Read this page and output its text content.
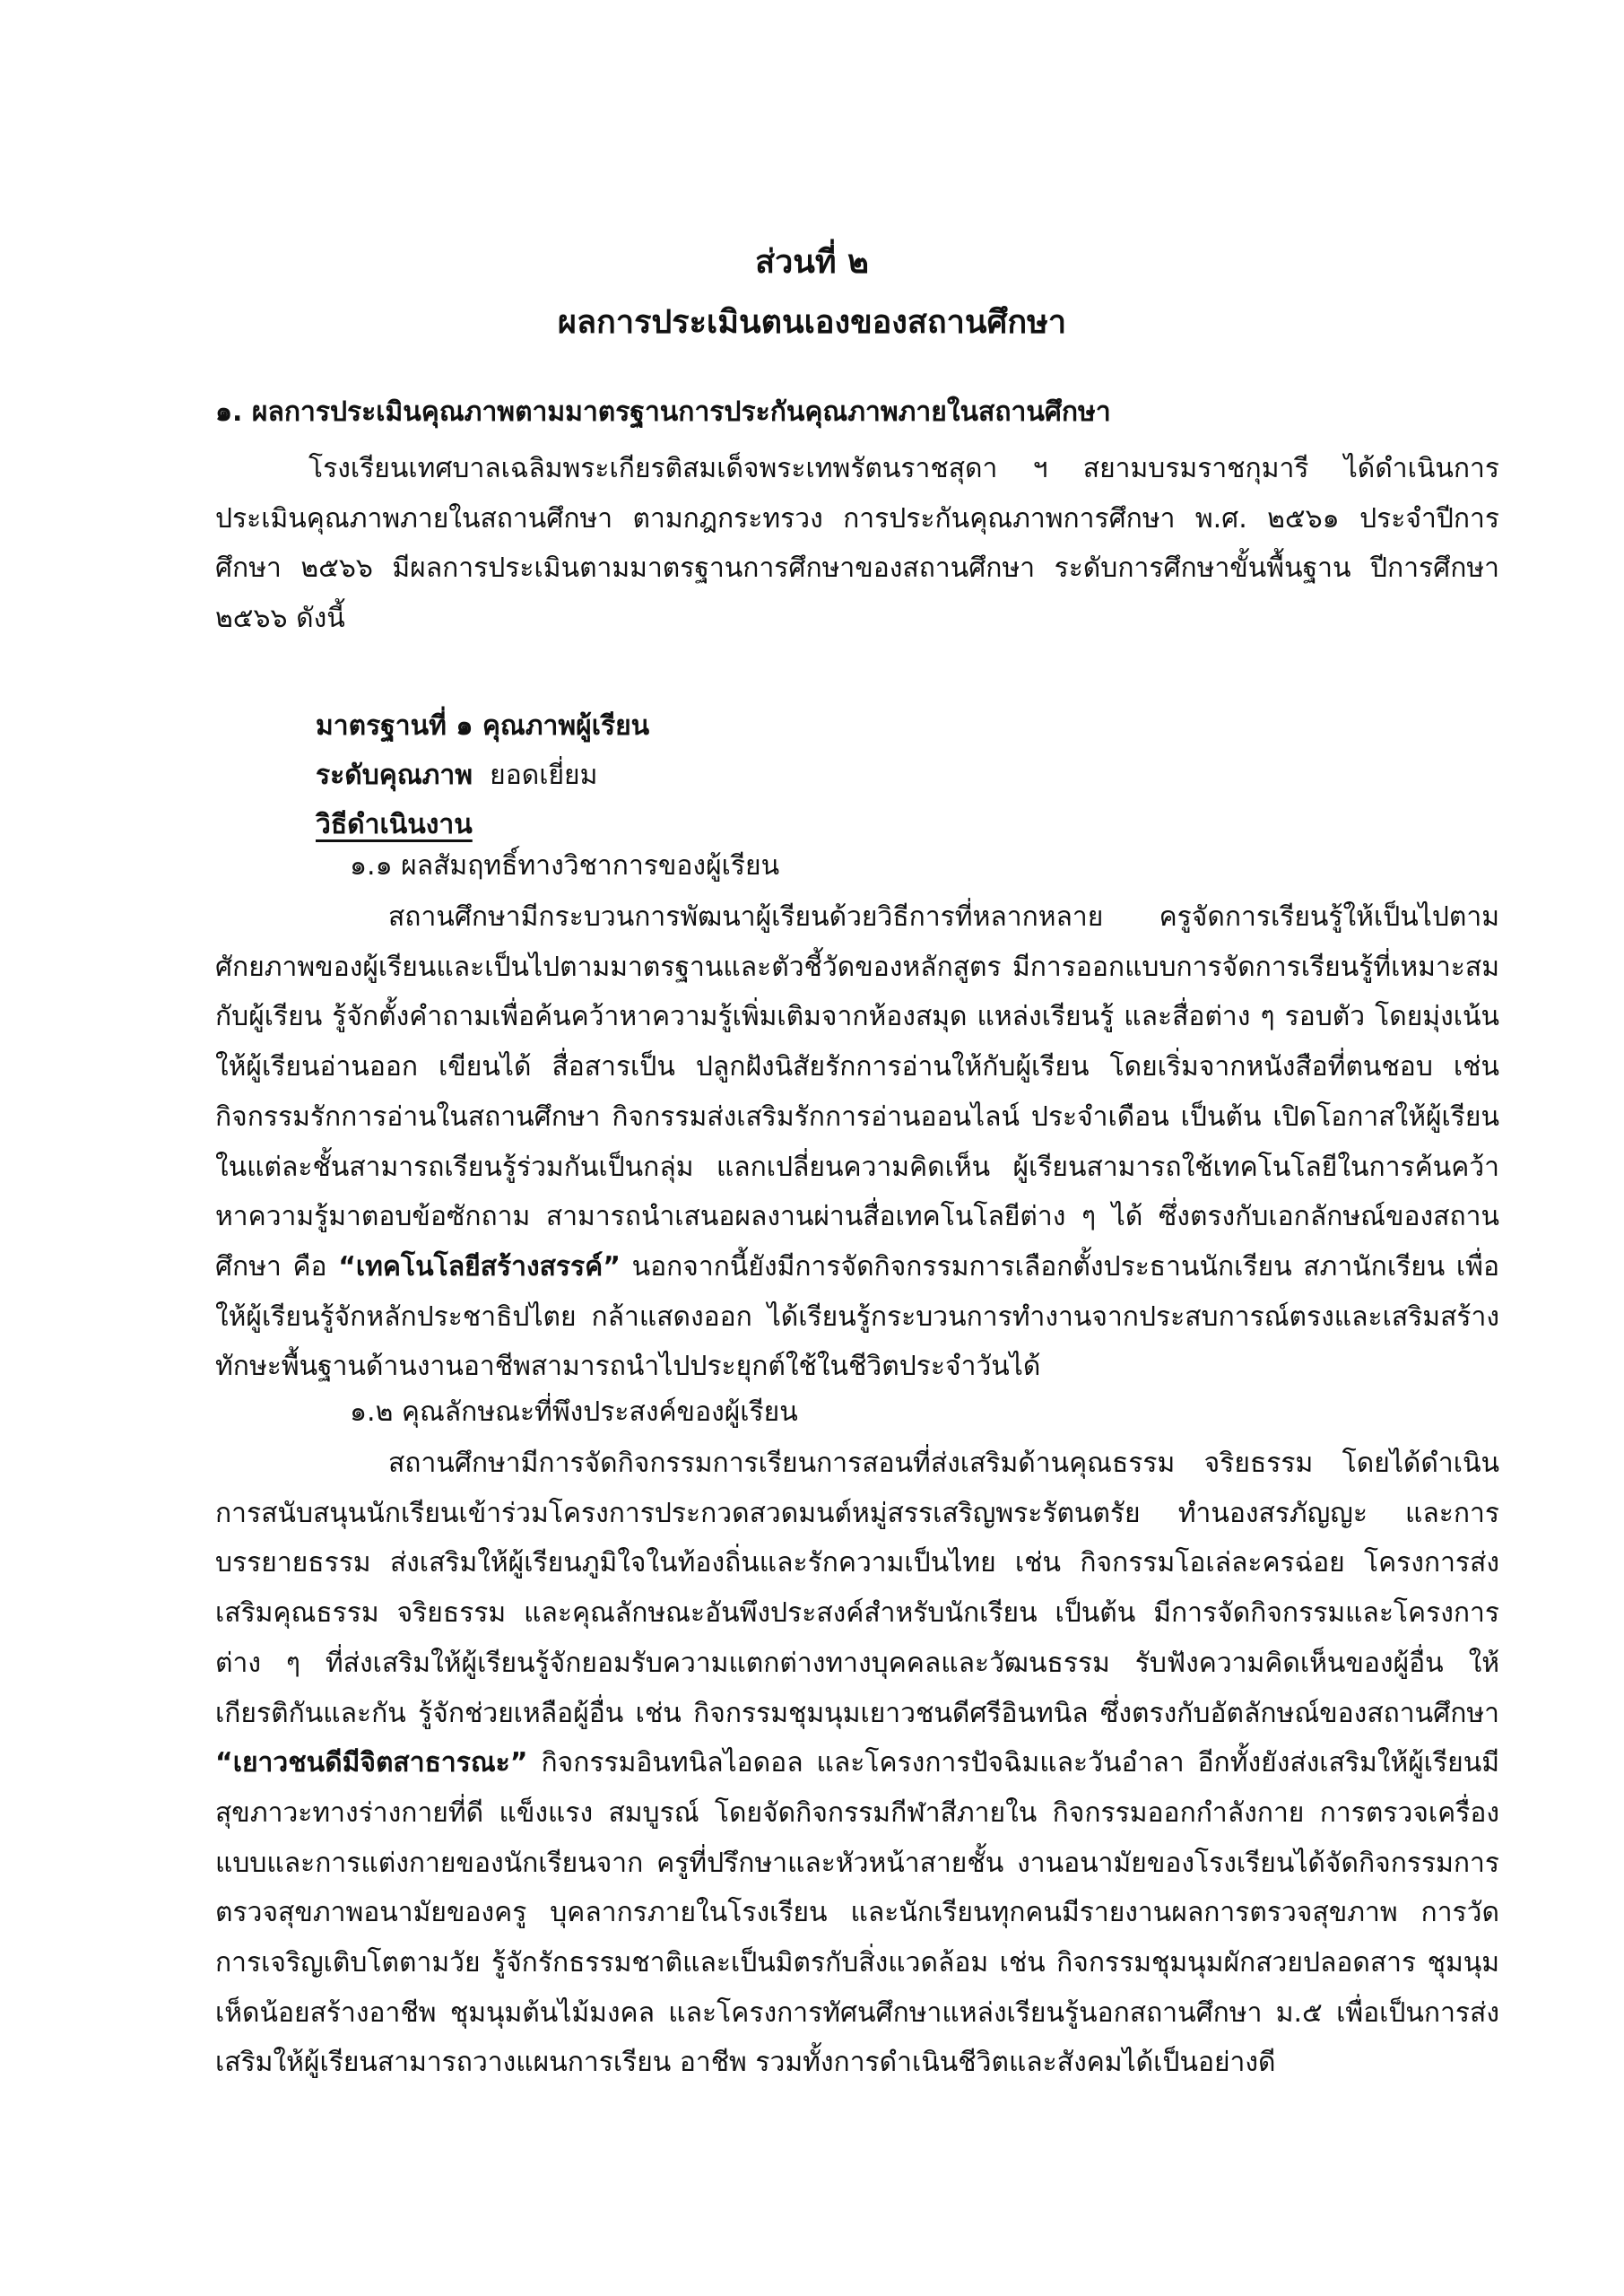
ส่วนที่ ๒
ผลการประเมินตนเองของสถานศึกษา
๑. ผลการประเมินคุณภาพตามมาตรฐานการประกันคุณภาพภายในสถานศึกษา
โรงเรียนเทศบาลเฉลิมพระเกียรติสมเด็จพระเทพรัตนราชสุดา ฯ สยามบรมราชกุมารี ได้ดำเนินการประเมินคุณภาพภายในสถานศึกษา ตามกฎกระทรวง การประกันคุณภาพการศึกษา พ.ศ. ๒๕๖๑ ประจำปีการศึกษา ๒๕๖๖ มีผลการประเมินตามมาตรฐานการศึกษาของสถานศึกษา ระดับการศึกษาขั้นพื้นฐาน ปีการศึกษา ๒๕๖๖ ดังนี้
มาตรฐานที่ ๑ คุณภาพผู้เรียน
ระดับคุณภาพ ยอดเยี่ยม
วิธีดำเนินงาน
๑.๑ ผลสัมฤทธิ์ทางวิชาการของผู้เรียน
สถานศึกษามีกระบวนการพัฒนาผู้เรียนด้วยวิธีการที่หลากหลาย ครูจัดการเรียนรู้ให้เป็นไปตามศักยภาพของผู้เรียนและเป็นไปตามมาตรฐานและตัวชี้วัดของหลักสูตร มีการออกแบบการจัดการเรียนรู้ที่เหมาะสมกับผู้เรียน รู้จักตั้งคำถามเพื่อค้นคว้าหาความรู้เพิ่มเติมจากห้องสมุด แหล่งเรียนรู้ และสื่อต่าง ๆ รอบตัว โดยมุ่งเน้นให้ผู้เรียนอ่านออก เขียนได้ สื่อสารเป็น ปลูกฝังนิสัยรักการอ่านให้กับผู้เรียน โดยเริ่มจากหนังสือที่ตนชอบ เช่น กิจกรรมรักการอ่านในสถานศึกษา กิจกรรมส่งเสริมรักการอ่านออนไลน์ ประจำเดือน เป็นต้น เปิดโอกาสให้ผู้เรียนในแต่ละชั้นสามารถเรียนรู้ร่วมกันเป็นกลุ่ม แลกเปลี่ยนความคิดเห็น ผู้เรียนสามารถใช้เทคโนโลยีในการค้นคว้าหาความรู้มาตอบข้อซักถาม สามารถนำเสนอผลงานผ่านสื่อเทคโนโลยีต่าง ๆ ได้ ซึ่งตรงกับเอกลักษณ์ของสถานศึกษา คือ “เทคโนโลยีสร้างสรรค์” นอกจากนี้ยังมีการจัดกิจกรรมการเลือกตั้งประธานนักเรียน สภานักเรียน เพื่อให้ผู้เรียนรู้จักหลักประชาธิปไตย กล้าแสดงออก ได้เรียนรู้กระบวนการทำงานจากประสบการณ์ตรงและเสริมสร้างทักษะพื้นฐานด้านงานอาชีพสามารถนำไปประยุกต์ใช้ในชีวิตประจำวันได้
๑.๒ คุณลักษณะที่พึงประสงค์ของผู้เรียน
สถานศึกษามีการจัดกิจกรรมการเรียนการสอนที่ส่งเสริมด้านคุณธรรม จริยธรรม โดยได้ดำเนินการสนับสนุนนักเรียนเข้าร่วมโครงการประกวดสวดมนต์หมู่สรรเสริญพระรัตนตรัย ทำนองสรภัญญะ และการบรรยายธรรม ส่งเสริมให้ผู้เรียนภูมิใจในท้องถิ่นและรักความเป็นไทย เช่น กิจกรรมโอเล่ละครฉ่อย โครงการส่งเสริมคุณธรรม จริยธรรม และคุณลักษณะอันพึงประสงค์สำหรับนักเรียน เป็นต้น มีการจัดกิจกรรมและโครงการต่าง ๆ ที่ส่งเสริมให้ผู้เรียนรู้จักยอมรับความแตกต่างทางบุคคลและวัฒนธรรม รับฟังความคิดเห็นของผู้อื่น ให้เกียรติกันและกัน รู้จักช่วยเหลือผู้อื่น เช่น กิจกรรมชุมนุมเยาวชนดีศรีอินทนิล ซึ่งตรงกับอัตลักษณ์ของสถานศึกษา “เยาวชนดีมีจิตสาธารณะ” กิจกรรมอินทนิลไอดอล และโครงการปัจฉิมและวันอำลา อีกทั้งยังส่งเสริมให้ผู้เรียนมีสุขภาวะทางร่างกายที่ดี แข็งแรง สมบูรณ์ โดยจัดกิจกรรมกีฬาสีภายใน กิจกรรมออกกำลังกาย การตรวจเครื่องแบบและการแต่งกายของนักเรียนจาก ครูที่ปรึกษาและหัวหน้าสายชั้น งานอนามัยของโรงเรียนได้จัดกิจกรรมการตรวจสุขภาพอนามัยของครู บุคลากรภายในโรงเรียน และนักเรียนทุกคนมีรายงานผลการตรวจสุขภาพ การวัดการเจริญเติบโตตามวัย รู้จักรักธรรมชาติและเป็นมิตรกับสิ่งแวดล้อม เช่น กิจกรรมชุมนุมผักสวยปลอดสาร ชุมนุมเห็ดน้อยสร้างอาชีพ ชุมนุมต้นไม้มงคล และโครงการทัศนศึกษาแหล่งเรียนรู้นอกสถานศึกษา ม.๕ เพื่อเป็นการส่งเสริมให้ผู้เรียนสามารถวางแผนการเรียน อาชีพ รวมทั้งการดำเนินชีวิตและสังคมได้เป็นอย่างดี
